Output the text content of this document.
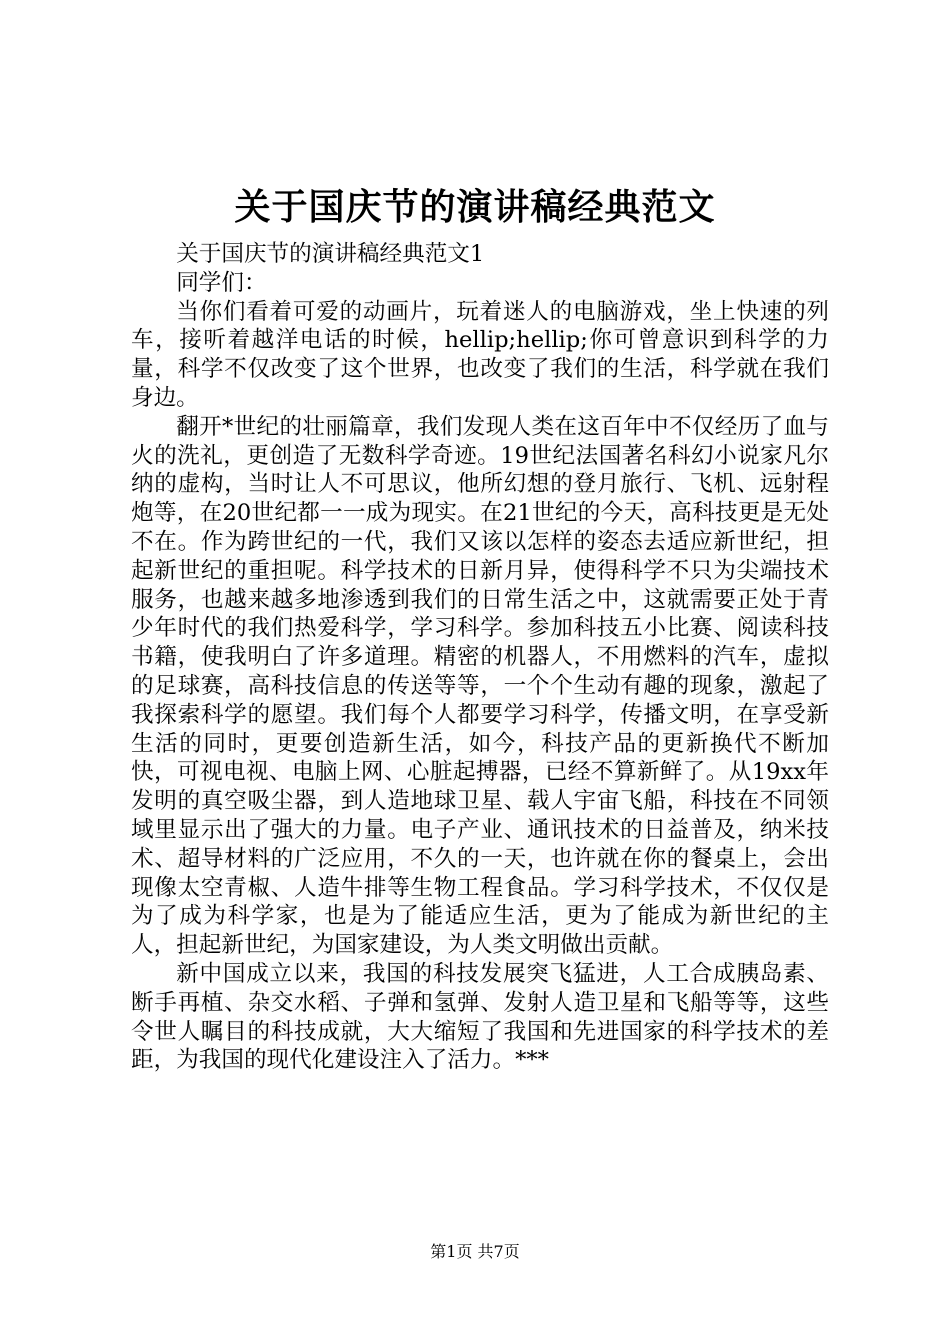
关于国庆节的演讲稿经典范文

关于国庆节的演讲稿经典范文1

同学们：

当你们看着可爱的动画片，玩着迷人的电脑游戏，坐上快速的列车，接听着越洋电话的时候，hellip;hellip;你可曾意识到科学的力量，科学不仅改变了这个世界，也改变了我们的生活，科学就在我们身边。

翻开*世纪的壮丽篇章，我们发现人类在这百年中不仅经历了血与火的洗礼，更创造了无数科学奇迹。19世纪法国著名科幻小说家凡尔纳的虚构，当时让人不可思议，他所幻想的登月旅行、飞机、远射程炮等，在20世纪都一一成为现实。在21世纪的今天，高科技更是无处不在。作为跨世纪的一代，我们又该以怎样的姿态去适应新世纪，担起新世纪的重担呢。科学技术的日新月异，使得科学不只为尖端技术服务，也越来越多地渗透到我们的日常生活之中，这就需要正处于青少年时代的我们热爱科学，学习科学。参加科技五小比赛、阅读科技书籍，使我明白了许多道理。精密的机器人，不用燃料的汽车，虚拟的足球赛，高科技信息的传送等等，一个个生动有趣的现象，激起了我探索科学的愿望。我们每个人都要学习科学，传播文明，在享受新生活的同时，更要创造新生活，如今，科技产品的更新换代不断加快，可视电视、电脑上网、心脏起搏器，已经不算新鲜了。从19xx年发明的真空吸尘器，到人造地球卫星、载人宇宙飞船，科技在不同领域里显示出了强大的力量。电子产业、通讯技术的日益普及，纳米技术、超导材料的广泛应用，不久的一天，也许就在你的餐桌上，会出现像太空青椒、人造牛排等生物工程食品。学习科学技术，不仅仅是为了成为科学家，也是为了能适应生活，更为了能成为新世纪的主人，担起新世纪，为国家建设，为人类文明做出贡献。

新中国成立以来，我国的科技发展突飞猛进，人工合成胰岛素、断手再植、杂交水稻、子弹和氢弹、发射人造卫星和飞船等等，这些令世人瞩目的科技成就，大大缩短了我国和先进国家的科学技术的差距，为我国的现代化建设注入了活力。***

第1页 共7页
